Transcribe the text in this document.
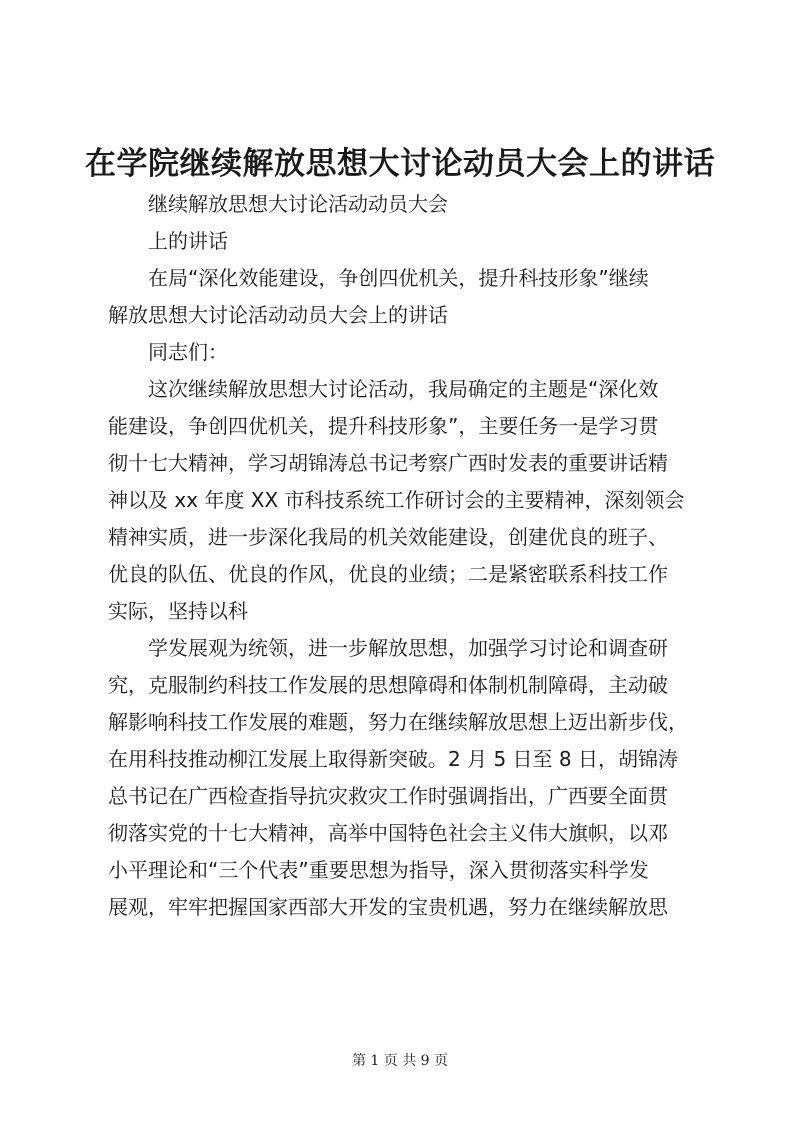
在学院继续解放思想大讨论动员大会上的讲话
继续解放思想大讨论活动动员大会
上的讲话
在局“深化效能建设，争创四优机关，提升科技形象”继续
解放思想大讨论活动动员大会上的讲话
同志们：
这次继续解放思想大讨论活动，我局确定的主题是“深化效
能建设，争创四优机关，提升科技形象”，主要任务一是学习贯
彻十七大精神，学习胡锦涛总书记考察广西时发表的重要讲话精
神以及 xx 年度 XX 市科技系统工作研讨会的主要精神，深刻领会
精神实质，进一步深化我局的机关效能建设，创建优良的班子、
优良的队伍、优良的作风，优良的业绩；二是紧密联系科技工作
实际，坚持以科
学发展观为统领，进一步解放思想，加强学习讨论和调查研
究，克服制约科技工作发展的思想障碍和体制机制障碍，主动破
解影响科技工作发展的难题，努力在继续解放思想上迈出新步伐，
在用科技推动柳江发展上取得新突破。2 月 5 日至 8 日，胡锦涛
总书记在广西检查指导抗灾救灾工作时强调指出，广西要全面贯
彻落实党的十七大精神，高举中国特色社会主义伟大旗帜，以邓
小平理论和“三个代表”重要思想为指导，深入贯彻落实科学发
展观，牢牢把握国家西部大开发的宝贵机遇，努力在继续解放思
第 1 页 共 9 页
